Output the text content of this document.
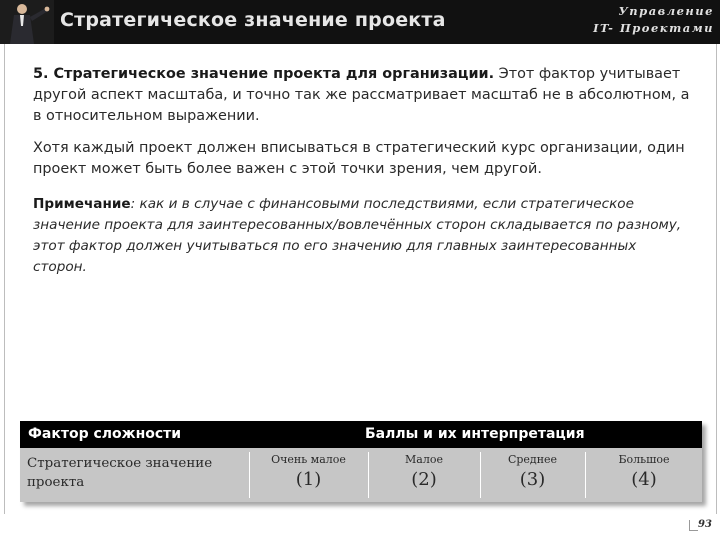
Стратегическое значение проекта	Управление
IT- Проектами

5. Стратегическое значение проекта для организации. Этот фактор учитывает другой аспект масштаба, и точно так же рассматривает масштаб не в абсолютном, а в относительном выражении.

Хотя каждый проект должен вписываться в стратегический курс организации, один проект может быть более важен с этой точки зрения, чем другой.

Примечание: как и в случае с финансовыми последствиями, если стратегическое значение проекта для заинтересованных/вовлечённых сторон складывается по разному, этот фактор должен учитываться по его значению для главных заинтересованных сторон.

Фактор сложности	Баллы и их интерпретация
Стратегическое значение проекта
Очень малое
(1)
Малое
(2)
Среднее
(3)
Большое
(4)
93
